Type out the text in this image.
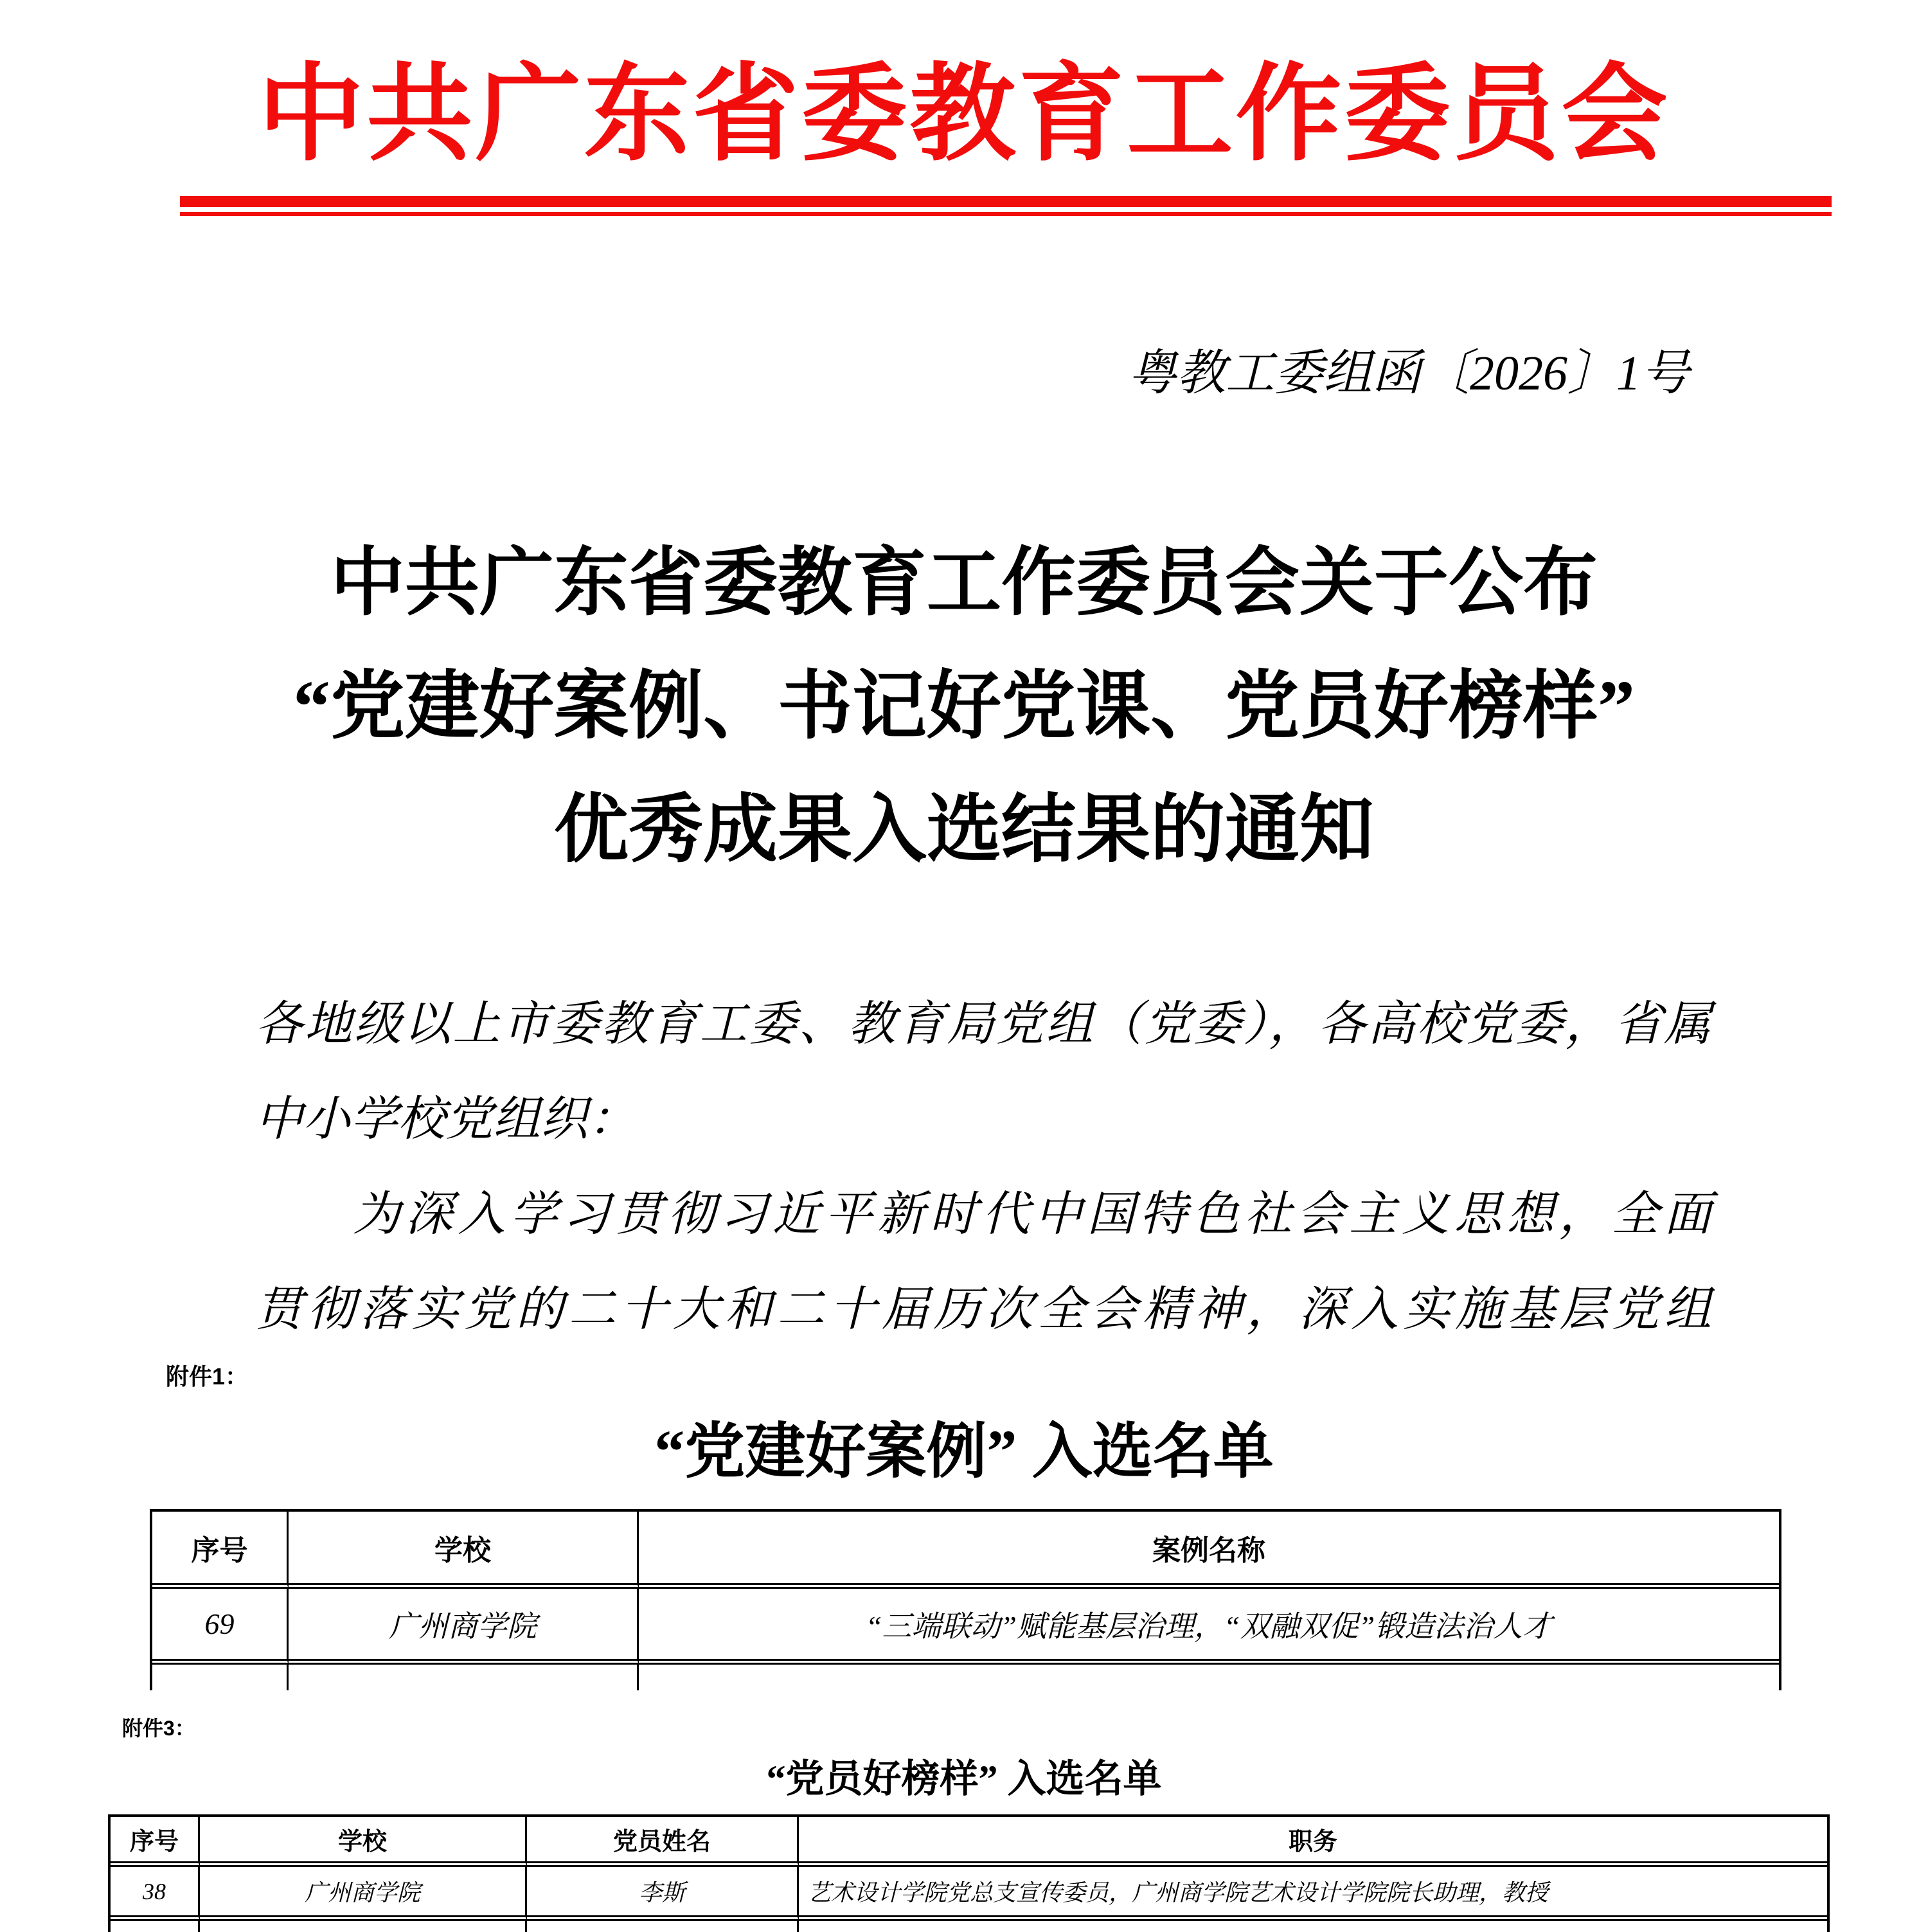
中共广东省委教育工作委员会
粤教工委组函〔2026〕1号
中共广东省委教育工作委员会关于公布
“党建好案例、书记好党课、党员好榜样”
优秀成果入选结果的通知
各地级以上市委教育工委、教育局党组（党委），各高校党委，省属
中小学校党组织：
为深入学习贯彻习近平新时代中国特色社会主义思想，全面
贯彻落实党的二十大和二十届历次全会精神，深入实施基层党组
附件1：
“党建好案例” 入选名单
序号	学校	案例名称
69	广州商学院	“三端联动”赋能基层治理，“双融双促”锻造法治人才
附件3：
“党员好榜样” 入选名单
序号	学校	党员姓名	职务
38	广州商学院	李斯	艺术设计学院党总支宣传委员，广州商学院艺术设计学院院长助理，教授
